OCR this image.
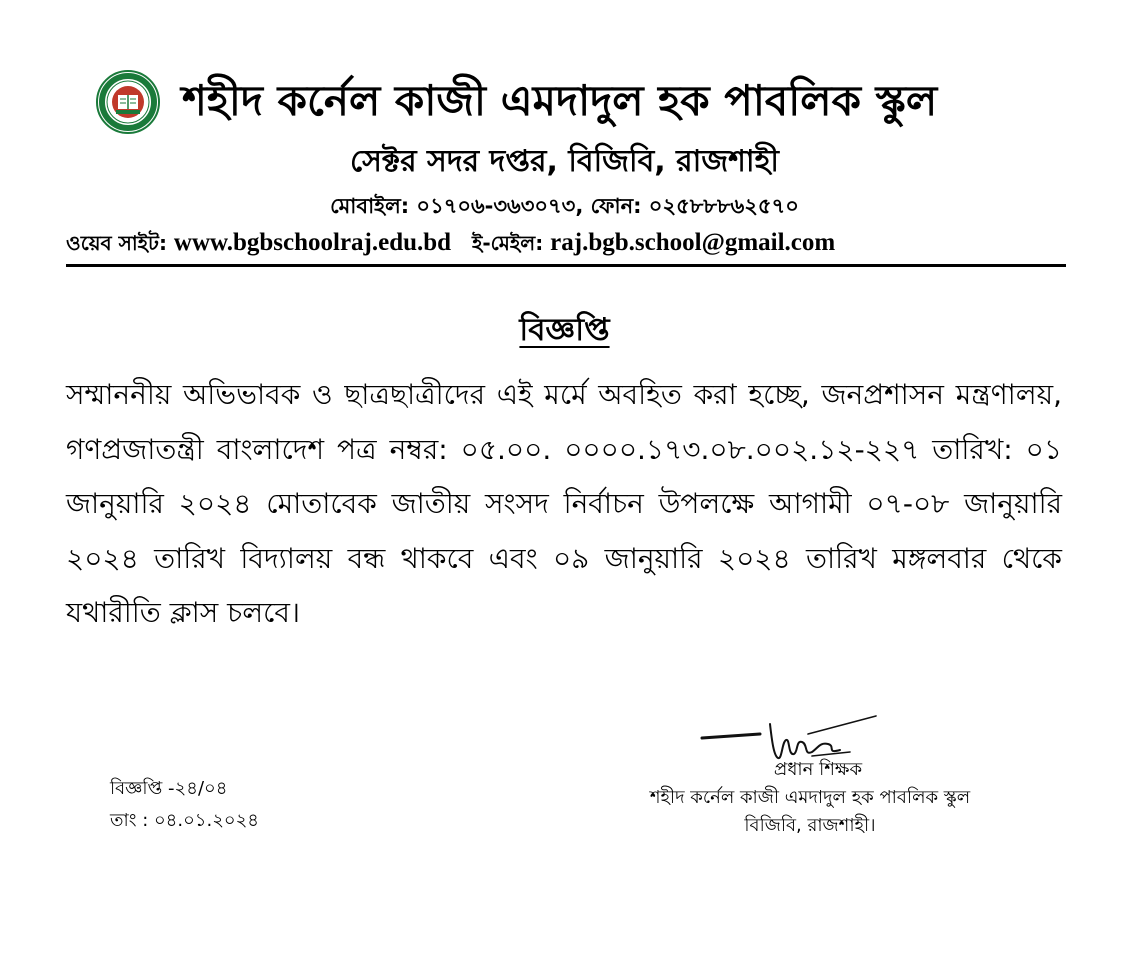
শহীদ কর্নেল কাজী এমদাদুল হক পাবলিক স্কুল
সেক্টর সদর দপ্তর, বিজিবি, রাজশাহী
মোবাইল: ০১৭০৬-৩৬৩০৭৩, ফোন: ০২৫৮৮৮৬২৫৭০
ওয়েব সাইট: www.bgbschoolraj.edu.bd ই-মেইল: raj.bgb.school@gmail.com
বিজ্ঞপ্তি
সম্মাননীয় অভিভাবক ও ছাত্রছাত্রীদের এই মর্মে অবহিত করা হচ্ছে, জনপ্রশাসন মন্ত্রণালয়, গণপ্রজাতন্ত্রী বাংলাদেশ পত্র নম্বর: ০৫.০০. ০০০০.১৭৩.০৮.০০২.১২-২২৭ তারিখ: ০১ জানুয়ারি ২০২৪ মোতাবেক জাতীয় সংসদ নির্বাচন উপলক্ষে আগামী ০৭-০৮ জানুয়ারি ২০২৪ তারিখ বিদ্যালয় বন্ধ থাকবে এবং ০৯ জানুয়ারি ২০২৪ তারিখ মঙ্গলবার থেকে যথারীতি ক্লাস চলবে।
বিজ্ঞপ্তি -২৪/০৪
তাং : ০৪.০১.২০২৪
প্রধান শিক্ষক
শহীদ কর্নেল কাজী এমদাদুল হক পাবলিক স্কুল
বিজিবি, রাজশাহী।
